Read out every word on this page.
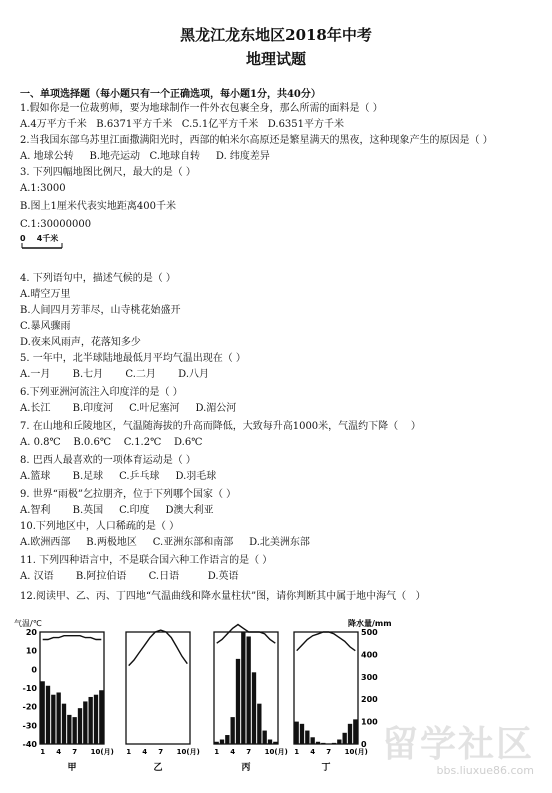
黑龙江龙东地区2018年中考
地理试题
一、单项选择题（每小题只有一个正确选项，每小题1分，共40分）
1.假如你是一位裁剪师，要为地球制作一件外衣包裹全身，那么所需的面料是（ ）
A.4万平方千米   B.6371平方千米   C.5.1亿平方千米   D.6351平方千米
2.当我国东部乌苏里江面撒满阳光时，西部的帕米尔高原还是繁星满天的黑夜，这种现象产生的原因是（ ）
A. 地球公转     B.地壳运动   C.地球自转     D. 纬度差异
3. 下列四幅地图比例尺，最大的是（ ）
A.1:3000
B.图上1厘米代表实地距离400千米
C.1:30000000
4. 下列语句中，描述气候的是（ ）
A.晴空万里
B.人间四月芳菲尽，山寺桃花始盛开
C.暴风骤雨
D.夜来风雨声，花落知多少
5. 一年中，北半球陆地最低月平均气温出现在（ ）
A.一月       B.七月       C.二月       D.八月
6.下列亚洲河流注入印度洋的是（ ）
A.长江       B.印度河     C.叶尼塞河     D.湄公河
7. 在山地和丘陵地区，气温随海拔的升高而降低，大致每升高1000米，气温约下降（    ）
A. 0.8℃    B.0.6℃    C.1.2℃    D.6℃
8. 巴西人最喜欢的一项体育运动是（ ）
A.篮球       B.足球     C.乒乓球     D.羽毛球
9. 世界“雨极”乞拉朋齐，位于下列哪个国家（ ）
A.智利       B.英国     C.印度     D澳大利亚
10.下列地区中，人口稀疏的是（ ）
A.欧洲西部     B.两极地区     C.亚洲东部和南部     D.北美洲东部
11. 下列四种语言中，不是联合国六种工作语言的是（ ）
A. 汉语       B.阿拉伯语       C.日语         D.英语
12.阅读甲、乙、丙、丁四地“气温曲线和降水量柱状”图，请你判断其中属于地中海气（   ）
0    4千米
气温/℃
20
10
0
-10
-20
-30
-40
1 4 7 10(月)
甲
1 4 7 10(月)
乙
1 4 7 10(月)
丙
降水量/mm
500
400
300
200
100
0
1 4 7 10(月)
丁
留学社区
bbs.liuxue86.com
